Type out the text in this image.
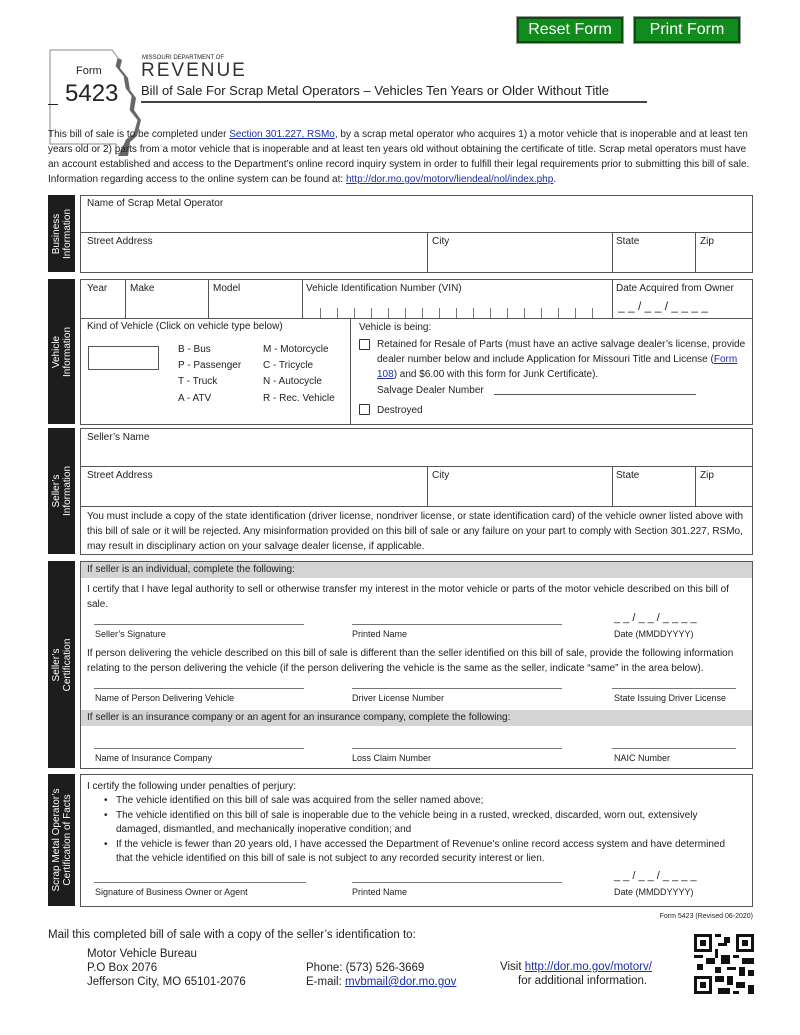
Reset Form	Print Form
Form
5423
MISSOURI DEPARTMENT OF
REVENUE
Bill of Sale For Scrap Metal Operators – Vehicles Ten Years or Older Without Title
This bill of sale is to be completed under Section 301.227, RSMo, by a scrap metal operator who acquires 1) a motor vehicle that is inoperable and at least ten years old or 2) parts from a motor vehicle that is inoperable and at least ten years old without obtaining the certificate of title. Scrap metal operators must have an account established and access to the Department’s online record inquiry system in order to fulfill their legal requirements prior to submitting this bill of sale. Information regarding access to the online system can be found at: http://dor.mo.gov/motorv/liendeal/nol/index.php.
Business Information
Name of Scrap Metal Operator
Street Address	City	State	Zip
Vehicle Information
Year Make	Model	Vehicle Identification Number (VIN)	Date Acquired from Owner
_ _ / _ _ / _ _ _ _
Kind of Vehicle (Click on vehicle type below)
B - Bus
P - Passenger
T - Truck
A - ATV
M - Motorcycle
C - Tricycle
N - Autocycle
R - Rec. Vehicle
Vehicle is being:
Retained for Resale of Parts (must have an active salvage dealer’s license, provide dealer number below and include Application for Missouri Title and License (Form 108) and $6.00 with this form for Junk Certificate).
Salvage Dealer Number
Destroyed
Seller’s Information
Seller’s Name
Street Address	City	State	Zip
You must include a copy of the state identification (driver license, nondriver license, or state identification card) of the vehicle owner listed above with this bill of sale or it will be rejected. Any misinformation provided on this bill of sale or any failure on your part to comply with Section 301.227, RSMo, may result in disciplinary action on your salvage dealer license, if applicable.
Seller’s Certification
If seller is an individual, complete the following:
I certify that I have legal authority to sell or otherwise transfer my interest in the motor vehicle or parts of the motor vehicle described on this bill of sale.
_ _ / _ _ / _ _ _ _
Seller’s Signature	Printed Name	Date (MMDDYYYY)
If person delivering the vehicle described on this bill of sale is different than the seller identified on this bill of sale, provide the following information relating to the person delivering the vehicle (if the person delivering the vehicle is the same as the seller, indicate “same” in the area below).
Name of Person Delivering Vehicle	Driver License Number	State Issuing Driver License
If seller is an insurance company or an agent for an insurance company, complete the following:
Name of Insurance Company	Loss Claim Number	NAIC Number
Scrap Metal Operator’s Certification of Facts
I certify the following under penalties of perjury:
• The vehicle identified on this bill of sale was acquired from the seller named above;
• The vehicle identified on this bill of sale is inoperable due to the vehicle being in a rusted, wrecked, discarded, worn out, extensively damaged, dismantled, and mechanically inoperative condition; and
• If the vehicle is fewer than 20 years old, I have accessed the Department of Revenue’s online record access system and have determined that the vehicle identified on this bill of sale is not subject to any recorded security interest or lien.
_ _ / _ _ / _ _ _ _
Signature of Business Owner or Agent	Printed Name	Date (MMDDYYYY)
Form 5423 (Revised 06-2020)
Mail this completed bill of sale with a copy of the seller’s identification to:
Motor Vehicle Bureau
P.O Box 2076
Jefferson City, MO 65101-2076
Phone: (573) 526-3669
E-mail: mvbmail@dor.mo.gov
Visit http://dor.mo.gov/motorv/
for additional information.
